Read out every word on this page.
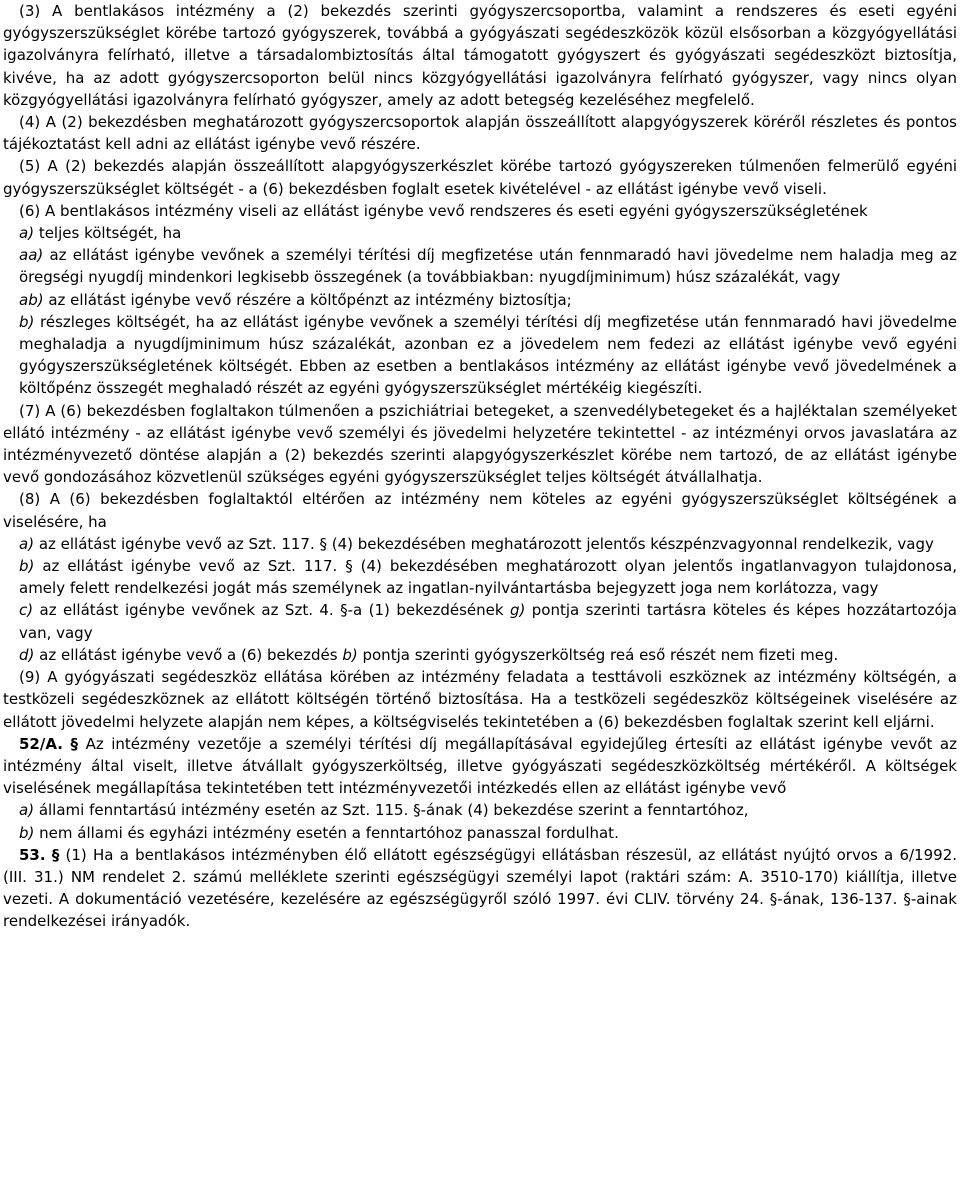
(3) A bentlakásos intézmény a (2) bekezdés szerinti gyógyszercsoportba, valamint a rendszeres és eseti egyéni gyógyszerszükséglet körébe tartozó gyógyszerek, továbbá a gyógyászati segédeszközök közül elsősorban a közgyógyellátási igazolványra felírható, illetve a társadalombiztosítás által támogatott gyógyszert és gyógyászati segédeszközt biztosítja, kivéve, ha az adott gyógyszercsoporton belül nincs közgyógyellátási igazolványra felírható gyógyszer, vagy nincs olyan közgyógyellátási igazolványra felírható gyógyszer, amely az adott betegség kezeléséhez megfelelő.

(4) A (2) bekezdésben meghatározott gyógyszercsoportok alapján összeállított alapgyógyszerek köréről részletes és pontos tájékoztatást kell adni az ellátást igénybe vevő részére.

(5) A (2) bekezdés alapján összeállított alapgyógyszerkészlet körébe tartozó gyógyszereken túlmenően felmerülő egyéni gyógyszerszükséglet költségét - a (6) bekezdésben foglalt esetek kivételével - az ellátást igénybe vevő viseli.

(6) A bentlakásos intézmény viseli az ellátást igénybe vevő rendszeres és eseti egyéni gyógyszerszükségletének

a) teljes költségét, ha

aa) az ellátást igénybe vevőnek a személyi térítési díj megfizetése után fennmaradó havi jövedelme nem haladja meg az öregségi nyugdíj mindenkori legkisebb összegének (a továbbiakban: nyugdíjminimum) húsz százalékát, vagy

ab) az ellátást igénybe vevő részére a költőpénzt az intézmény biztosítja;

b) részleges költségét, ha az ellátást igénybe vevőnek a személyi térítési díj megfizetése után fennmaradó havi jövedelme meghaladja a nyugdíjminimum húsz százalékát, azonban ez a jövedelem nem fedezi az ellátást igénybe vevő egyéni gyógyszerszükségletének költségét. Ebben az esetben a bentlakásos intézmény az ellátást igénybe vevő jövedelmének a költőpénz összegét meghaladó részét az egyéni gyógyszerszükséglet mértékéig kiegészíti.

(7) A (6) bekezdésben foglaltakon túlmenően a pszichiátriai betegeket, a szenvedélybetegeket és a hajléktalan személyeket ellátó intézmény - az ellátást igénybe vevő személyi és jövedelmi helyzetére tekintettel - az intézményi orvos javaslatára az intézményvezető döntése alapján a (2) bekezdés szerinti alapgyógyszerkészlet körébe nem tartozó, de az ellátást igénybe vevő gondozásához közvetlenül szükséges egyéni gyógyszerszükséglet teljes költségét átvállalhatja.

(8) A (6) bekezdésben foglaltaktól eltérően az intézmény nem köteles az egyéni gyógyszerszükséglet költségének a viselésére, ha

a) az ellátást igénybe vevő az Szt. 117. § (4) bekezdésében meghatározott jelentős készpénzvagyonnal rendelkezik, vagy

b) az ellátást igénybe vevő az Szt. 117. § (4) bekezdésében meghatározott olyan jelentős ingatlanvagyon tulajdonosa, amely felett rendelkezési jogát más személynek az ingatlan-nyilvántartásba bejegyzett joga nem korlátozza, vagy

c) az ellátást igénybe vevőnek az Szt. 4. §-a (1) bekezdésének g) pontja szerinti tartásra köteles és képes hozzátartozója van, vagy

d) az ellátást igénybe vevő a (6) bekezdés b) pontja szerinti gyógyszerköltség reá eső részét nem fizeti meg.

(9) A gyógyászati segédeszköz ellátása körében az intézmény feladata a testtávoli eszköznek az intézmény költségén, a testközeli segédeszköznek az ellátott költségén történő biztosítása. Ha a testközeli segédeszköz költségeinek viselésére az ellátott jövedelmi helyzete alapján nem képes, a költségviselés tekintetében a (6) bekezdésben foglaltak szerint kell eljárni.

52/A. § Az intézmény vezetője a személyi térítési díj megállapításával egyidejűleg értesíti az ellátást igénybe vevőt az intézmény által viselt, illetve átvállalt gyógyszerköltség, illetve gyógyászati segédeszközköltség mértékéről. A költségek viselésének megállapítása tekintetében tett intézményvezetői intézkedés ellen az ellátást igénybe vevő

a) állami fenntartású intézmény esetén az Szt. 115. §-ának (4) bekezdése szerint a fenntartóhoz,

b) nem állami és egyházi intézmény esetén a fenntartóhoz panasszal fordulhat.

53. § (1) Ha a bentlakásos intézményben élő ellátott egészségügyi ellátásban részesül, az ellátást nyújtó orvos a 6/1992. (III. 31.) NM rendelet 2. számú melléklete szerinti egészségügyi személyi lapot (raktári szám: A. 3510-170) kiállítja, illetve vezeti. A dokumentáció vezetésére, kezelésére az egészségügyről szóló 1997. évi CLIV. törvény 24. §-ának, 136-137. §-ainak rendelkezései irányadók.
